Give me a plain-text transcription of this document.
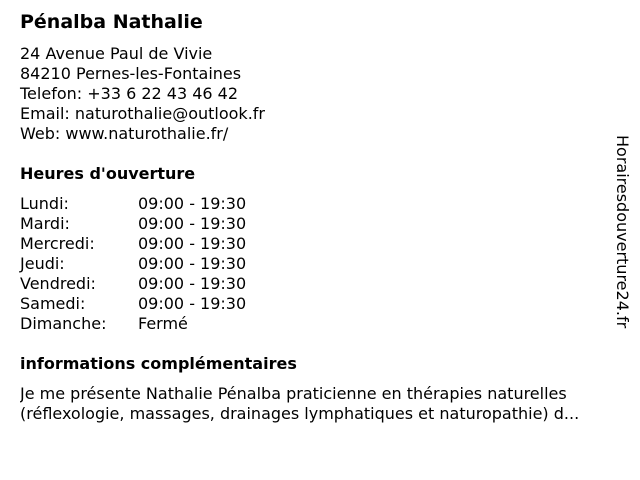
Pénalba Nathalie
24 Avenue Paul de Vivie
84210 Pernes-les-Fontaines
Telefon: +33 6 22 43 46 42
Email: naturothalie@outlook.fr
Web: www.naturothalie.fr/
Heures d'ouverture
Lundi:	09:00 - 19:30
Mardi:	09:00 - 19:30
Mercredi:	09:00 - 19:30
Jeudi:	09:00 - 19:30
Vendredi:	09:00 - 19:30
Samedi:	09:00 - 19:30
Dimanche: Fermé
informations complémentaires
Je me présente Nathalie Pénalba praticienne en thérapies naturelles
(réflexologie, massages, drainages lymphatiques et naturopathie) d...
Horairesdouverture24.fr
